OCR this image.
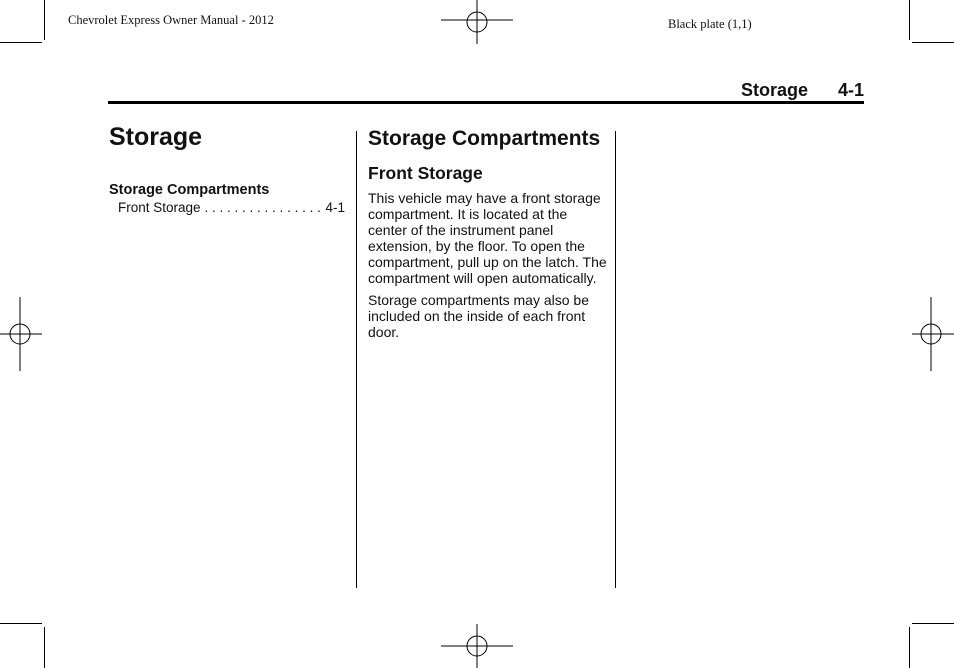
Chevrolet Express Owner Manual - 2012	Black plate (1,1)
Storage 4-1
Storage
Storage Compartments
Front Storage
. . .	4-1
Storage Compartments
Front Storage

This vehicle may have a front storage compartment. It is located at the center of the instrument panel extension, by the floor. To open the compartment, pull up on the latch. The compartment will open automatically.

Storage compartments may also be included on the inside of each front door.
